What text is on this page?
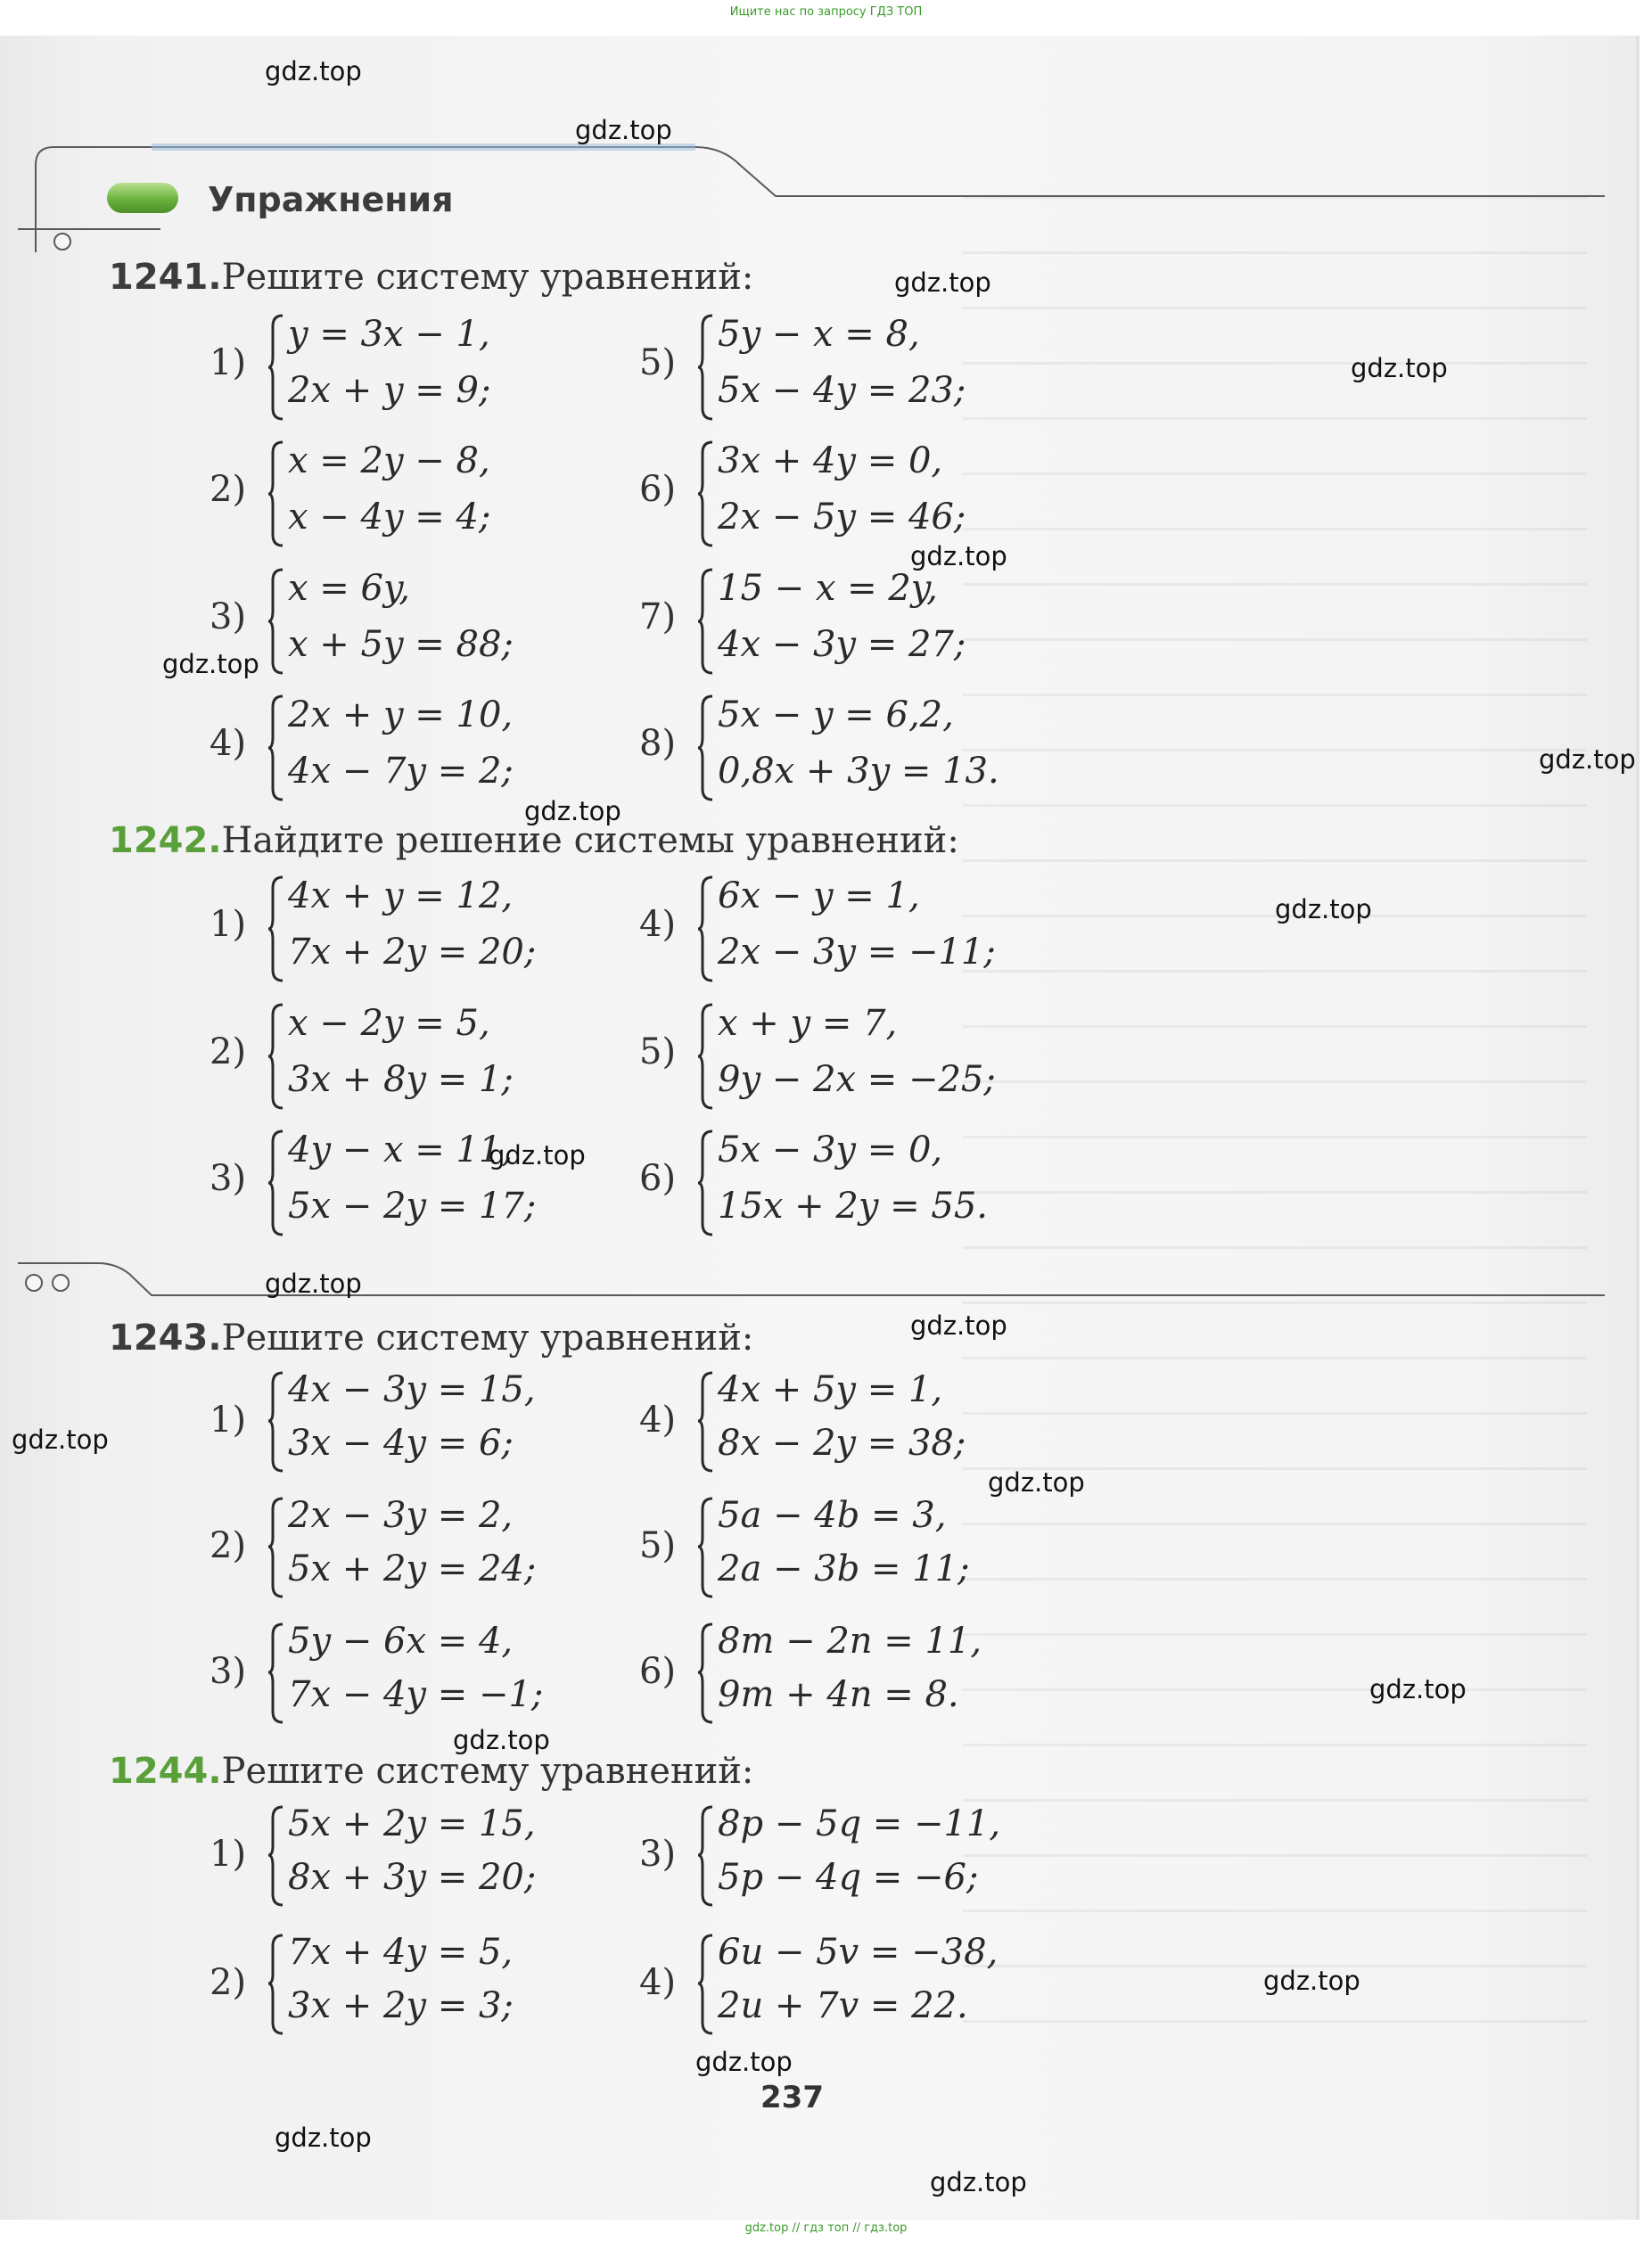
Ищите нас по запросу ГДЗ ТОП
Упражнения
1241.Решите систему уравнений:
1)
y = 3x − 1,
2x + y = 9;
2)
x = 2y − 8,
x − 4y = 4;
3)
x = 6y,
x + 5y = 88;
4)
2x + y = 10,
4x − 7y = 2;
5)
5y − x = 8,
5x − 4y = 23;
6)
3x + 4y = 0,
2x − 5y = 46;
7)
15 − x = 2y,
4x − 3y = 27;
8)
5x − y = 6,2,
0,8x + 3y = 13.
1242.Найдите решение системы уравнений:
1)
4x + y = 12,
7x + 2y = 20;
2)
x − 2y = 5,
3x + 8y = 1;
3)
4y − x = 11,
5x − 2y = 17;
4)
6x − y = 1,
2x − 3y = −11;
5)
x + y = 7,
9y − 2x = −25;
6)
5x − 3y = 0,
15x + 2y = 55.
1243.Решите систему уравнений:
1)
4x − 3y = 15,
3x − 4y = 6;
2)
2x − 3y = 2,
5x + 2y = 24;
3)
5y − 6x = 4,
7x − 4y = −1;
4)
4x + 5y = 1,
8x − 2y = 38;
5)
5a − 4b = 3,
2a − 3b = 11;
6)
8m − 2n = 11,
9m + 4n = 8.
1244.Решите систему уравнений:
1)
5x + 2y = 15,
8x + 3y = 20;
2)
7x + 4y = 5,
3x + 2y = 3;
3)
8p − 5q = −11,
5p − 4q = −6;
4)
6u − 5v = −38,
2u + 7v = 22.
237
gdz.top
gdz.top
gdz.top
gdz.top
gdz.top
gdz.top
gdz.top
gdz.top
gdz.top
gdz.top
gdz.top
gdz.top
gdz.top
gdz.top
gdz.top
gdz.top
gdz.top
gdz.top
gdz.top
gdz.top
gdz.top // гдз топ // гдз.top
